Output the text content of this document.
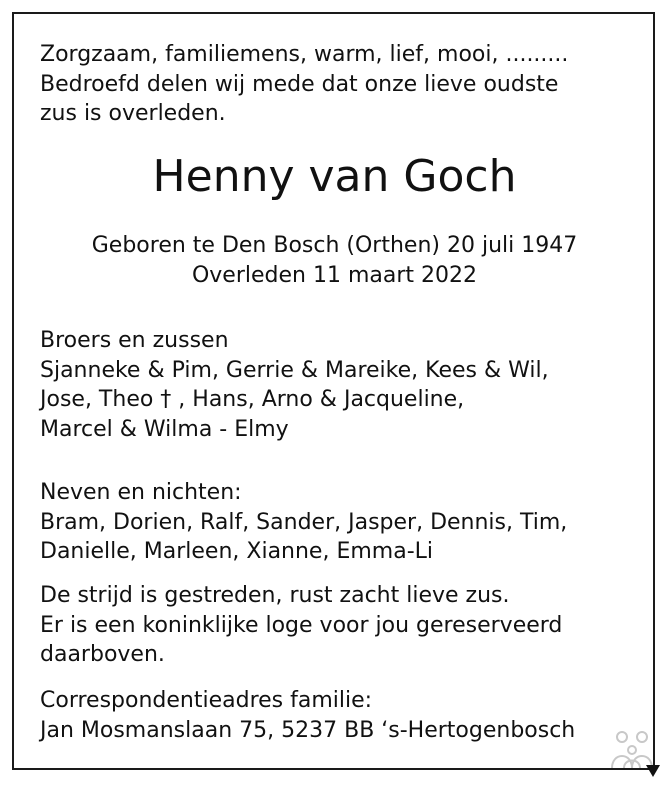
Zorgzaam, familiemens, warm, lief, mooi, .........
Bedroefd delen wij mede dat onze lieve oudste
zus is overleden.
Henny van Goch
Geboren te Den Bosch (Orthen) 20 juli 1947
Overleden 11 maart 2022
Broers en zussen
Sjanneke & Pim, Gerrie & Mareike, Kees & Wil,
Jose, Theo † , Hans, Arno & Jacqueline,
Marcel & Wilma - Elmy
Neven en nichten:
Bram, Dorien, Ralf, Sander, Jasper, Dennis, Tim,
Danielle, Marleen, Xianne, Emma-Li
De strijd is gestreden, rust zacht lieve zus.
Er is een koninklijke loge voor jou gereserveerd
daarboven.
Correspondentieadres familie:
Jan Mosmanslaan 75, 5237 BB ‘s-Hertogenbosch
